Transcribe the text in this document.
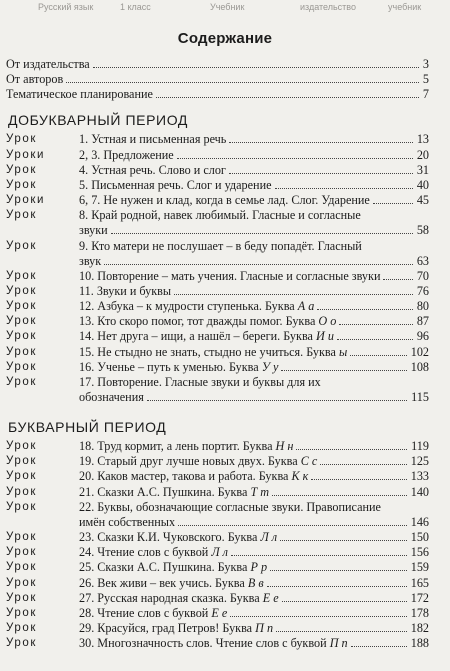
Русский язык	1 класс	Учебник	издательство	учебник
Содержание
От издательства	3
От авторов	5
Тематическое планирование	7
ДОБУКВАРНЫЙ ПЕРИОД
Урок	1. Устная и письменная речь	13
Уроки	2, 3. Предложение	20
Урок	4. Устная речь. Слово и слог	31
Урок	5. Письменная речь. Слог и ударение	40
Уроки	6, 7. Не нужен и клад, когда в семье лад. Слог. Ударение	45
Урок	8. Край родной, навек любимый. Гласные и согласные
звуки	58
Урок	9. Кто матери не послушает – в беду попадёт. Гласный
звук	63
Урок	10. Повторение – мать учения. Гласные и согласные звуки	70
Урок	11. Звуки и буквы	76
Урок	12. Азбука – к мудрости ступенька. Буква А а	80
Урок	13. Кто скоро помог, тот дважды помог. Буква О о	87
Урок	14. Нет друга – ищи, а нашёл – береги. Буква И и	96
Урок	15. Не стыдно не знать, стыдно не учиться. Буква ы	102
Урок	16. Ученье – путь к уменью. Буква У у	108
Урок	17. Повторение. Гласные звуки и буквы для их
обозначения	115
БУКВАРНЫЙ ПЕРИОД
Урок	18. Труд кормит, а лень портит. Буква Н н	119
Урок	19. Старый друг лучше новых двух. Буква С с	125
Урок	20. Каков мастер, такова и работа. Буква К к	133
Урок	21. Сказки А.С. Пушкина. Буква Т т	140
Урок	22. Буквы, обозначающие согласные звуки. Правописание
имён собственных	146
Урок	23. Сказки К.И. Чуковского. Буква Л л	150
Урок	24. Чтение слов с буквой Л л	156
Урок	25. Сказки А.С. Пушкина. Буква Р р	159
Урок	26. Век живи – век учись. Буква В в	165
Урок	27. Русская народная сказка. Буква Е е	172
Урок	28. Чтение слов с буквой Е е	178
Урок	29. Красуйся, град Петров! Буква П п	182
Урок	30. Многозначность слов. Чтение слов с буквой П п	188
